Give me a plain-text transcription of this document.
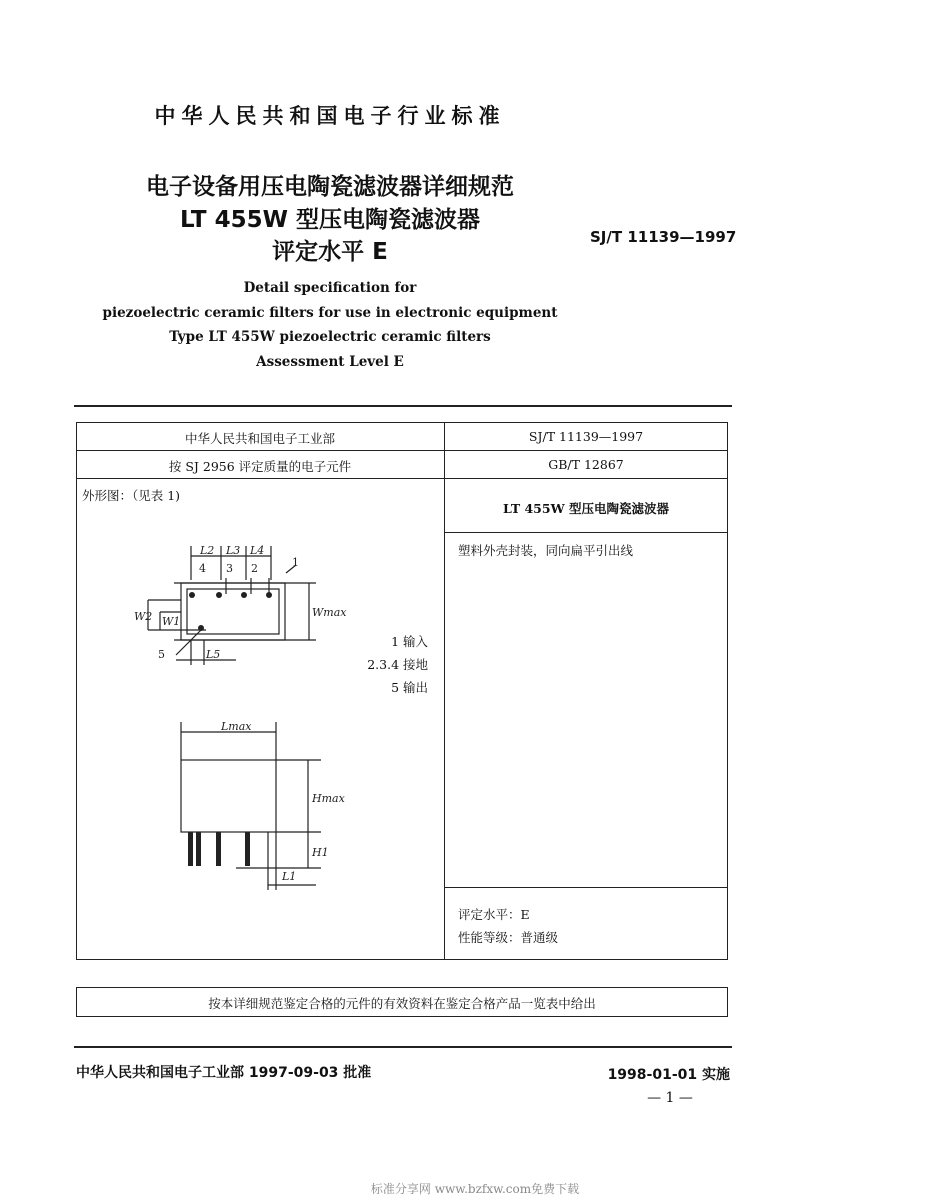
中华人民共和国电子行业标准
电子设备用压电陶瓷滤波器详细规范
LT 455W 型压电陶瓷滤波器
评定水平 E
SJ/T 11139—1997
Detail specification for
piezoelectric ceramic filters for use in electronic equipment
Type LT 455W piezoelectric ceramic filters
Assessment Level E
中华人民共和国电子工业部	SJ/T 11139—1997
按 SJ 2956 评定质量的电子元件	GB/T 12867
外形图：（见表 1)
LT 455W 型压电陶瓷滤波器
塑料外壳封装，同向扁平引出线
1 输入
2.3.4 接地
5 输出
评定水平：E
性能等级：普通级
L2 L3 L4
1
4 3 2
W2 W1
Wmax
5	L5
Lmax
Hmax
H1
L1
按本详细规范鉴定合格的元件的有效资料在鉴定合格产品一览表中给出
中华人民共和国电子工业部 1997-09-03 批准	1998-01-01 实施
— 1 —
标准分享网 www.bzfxw.com免费下载
